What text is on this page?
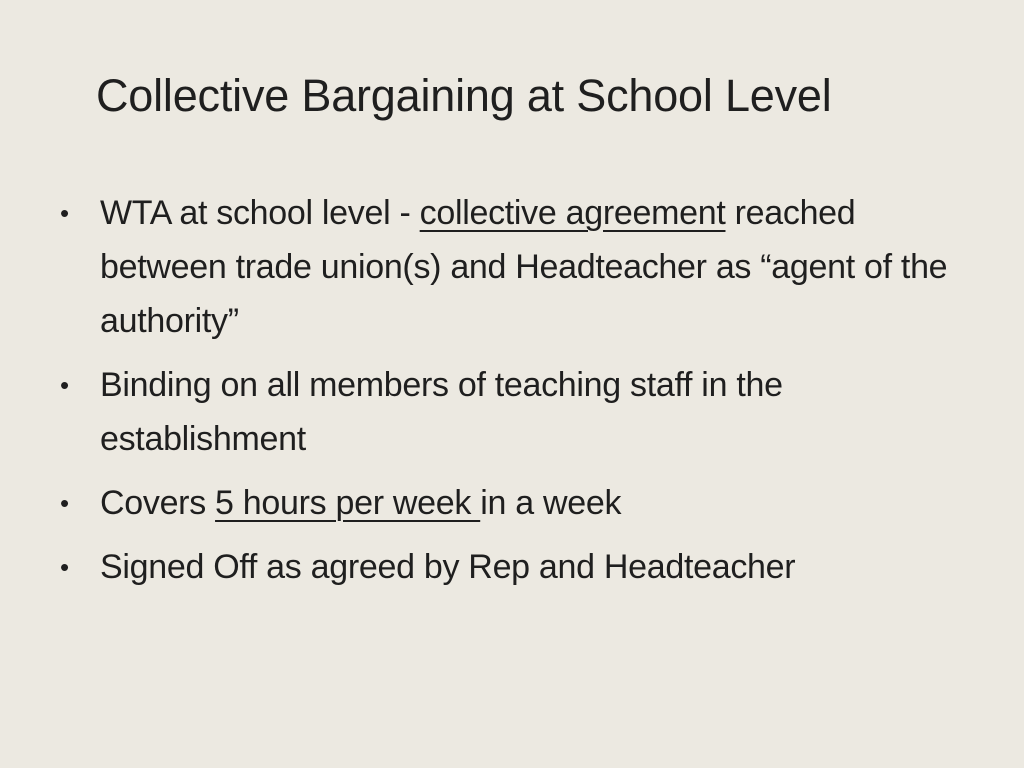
Collective Bargaining at School Level
• WTA at school level - collective agreement reached between trade union(s) and Headteacher as “agent of the authority”
• Binding on all members of teaching staff in the establishment
• Covers 5 hours per week in a week
• Signed Off as agreed by Rep and Headteacher
